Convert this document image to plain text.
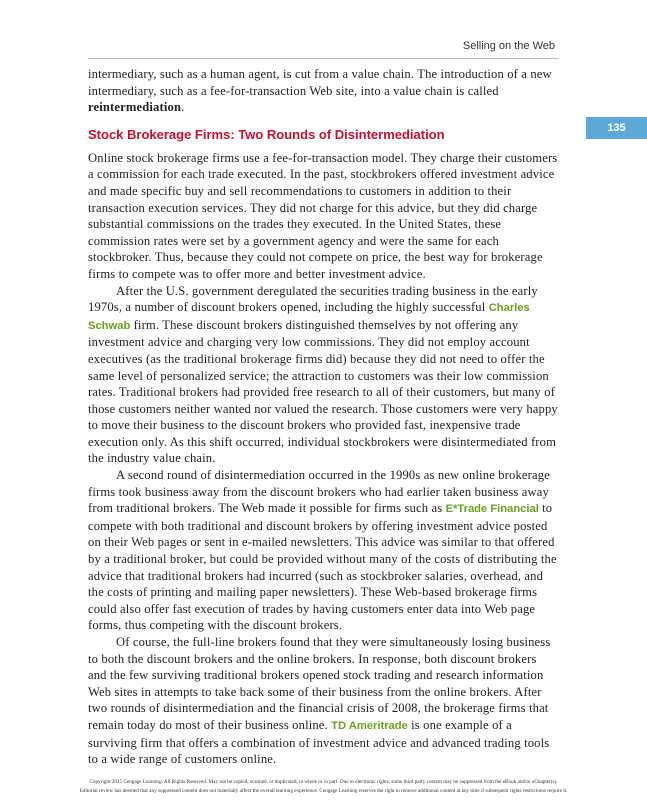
Selling on the Web
135

intermediary, such as a human agent, is cut from a value chain. The introduction of a new intermediary, such as a fee-for-transaction Web site, into a value chain is called reintermediation.

Stock Brokerage Firms: Two Rounds of Disintermediation

Online stock brokerage firms use a fee-for-transaction model. They charge their customers a commission for each trade executed. In the past, stockbrokers offered investment advice and made specific buy and sell recommendations to customers in addition to their transaction execution services. They did not charge for this advice, but they did charge substantial commissions on the trades they executed. In the United States, these commission rates were set by a government agency and were the same for each stockbroker. Thus, because they could not compete on price, the best way for brokerage firms to compete was to offer more and better investment advice.

After the U.S. government deregulated the securities trading business in the early 1970s, a number of discount brokers opened, including the highly successful Charles Schwab firm. These discount brokers distinguished themselves by not offering any investment advice and charging very low commissions. They did not employ account executives (as the traditional brokerage firms did) because they did not need to offer the same level of personalized service; the attraction to customers was their low commission rates. Traditional brokers had provided free research to all of their customers, but many of those customers neither wanted nor valued the research. Those customers were very happy to move their business to the discount brokers who provided fast, inexpensive trade execution only. As this shift occurred, individual stockbrokers were disintermediated from the industry value chain.

A second round of disintermediation occurred in the 1990s as new online brokerage firms took business away from the discount brokers who had earlier taken business away from traditional brokers. The Web made it possible for firms such as E*Trade Financial to compete with both traditional and discount brokers by offering investment advice posted on their Web pages or sent in e-mailed newsletters. This advice was similar to that offered by a traditional broker, but could be provided without many of the costs of distributing the advice that traditional brokers had incurred (such as stockbroker salaries, overhead, and the costs of printing and mailing paper newsletters). These Web-based brokerage firms could also offer fast execution of trades by having customers enter data into Web page forms, thus competing with the discount brokers.

Of course, the full-line brokers found that they were simultaneously losing business to both the discount brokers and the online brokers. In response, both discount brokers and the few surviving traditional brokers opened stock trading and research information Web sites in attempts to take back some of their business from the online brokers. After two rounds of disintermediation and the financial crisis of 2008, the brokerage firms that remain today do most of their business online. TD Ameritrade is one example of a surviving firm that offers a combination of investment advice and advanced trading tools to a wide range of customers online.

Copyright 2015 Cengage Learning. All Rights Reserved. May not be copied, scanned, or duplicated, in whole or in part. Due to electronic rights, some third party content may be suppressed from the eBook and/or eChapter(s).
Editorial review has deemed that any suppressed content does not materially affect the overall learning experience. Cengage Learning reserves the right to remove additional content at any time if subsequent rights restrictions require it.
